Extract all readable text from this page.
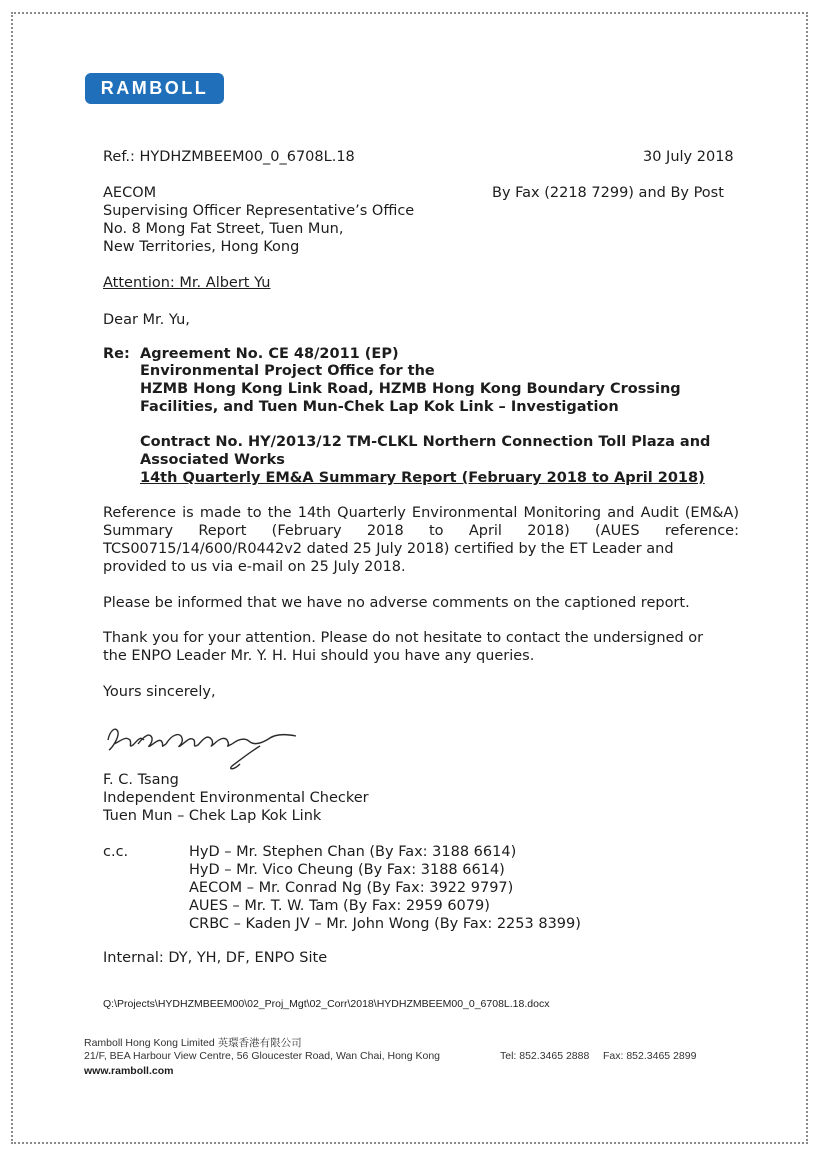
RAMBOLL
Ref.: HYDHZMBEEM00_0_6708L.18	30 July 2018
AECOM	By Fax (2218 7299) and By Post
Supervising Officer Representative’s Office
No. 8 Mong Fat Street, Tuen Mun,
New Territories, Hong Kong
Attention: Mr. Albert Yu
Dear Mr. Yu,
Re: Agreement No. CE 48/2011 (EP)
Environmental Project Office for the
HZMB Hong Kong Link Road, HZMB Hong Kong Boundary Crossing
Facilities, and Tuen Mun-Chek Lap Kok Link – Investigation
Contract No. HY/2013/12 TM-CLKL Northern Connection Toll Plaza and
Associated Works
14th Quarterly EM&A Summary Report (February 2018 to April 2018)
Reference is made to the 14th Quarterly Environmental Monitoring and Audit (EM&A) Summary Report (February 2018 to April 2018) (AUES reference: TCS00715/14/600/R0442v2 dated 25 July 2018) certified by the ET Leader and
provided to us via e-mail on 25 July 2018.
Please be informed that we have no adverse comments on the captioned report.
Thank you for your attention. Please do not hesitate to contact the undersigned or
the ENPO Leader Mr. Y. H. Hui should you have any queries.
Yours sincerely,
F. C. Tsang
Independent Environmental Checker
Tuen Mun – Chek Lap Kok Link
c.c.	HyD – Mr. Stephen Chan (By Fax: 3188 6614)
HyD – Mr. Vico Cheung (By Fax: 3188 6614)
AECOM – Mr. Conrad Ng (By Fax: 3922 9797)
AUES – Mr. T. W. Tam (By Fax: 2959 6079)
CRBC – Kaden JV – Mr. John Wong (By Fax: 2253 8399)
Internal: DY, YH, DF, ENPO Site
Q:\Projects\HYDHZMBEEM00\02_Proj_Mgt\02_Corr\2018\HYDHZMBEEM00_0_6708L.18.docx
Ramboll Hong Kong Limited 英環香港有限公司
21/F, BEA Harbour View Centre, 56 Gloucester Road, Wan Chai, Hong Kong	Tel: 852.3465 2888 Fax: 852.3465 2899
www.ramboll.com
